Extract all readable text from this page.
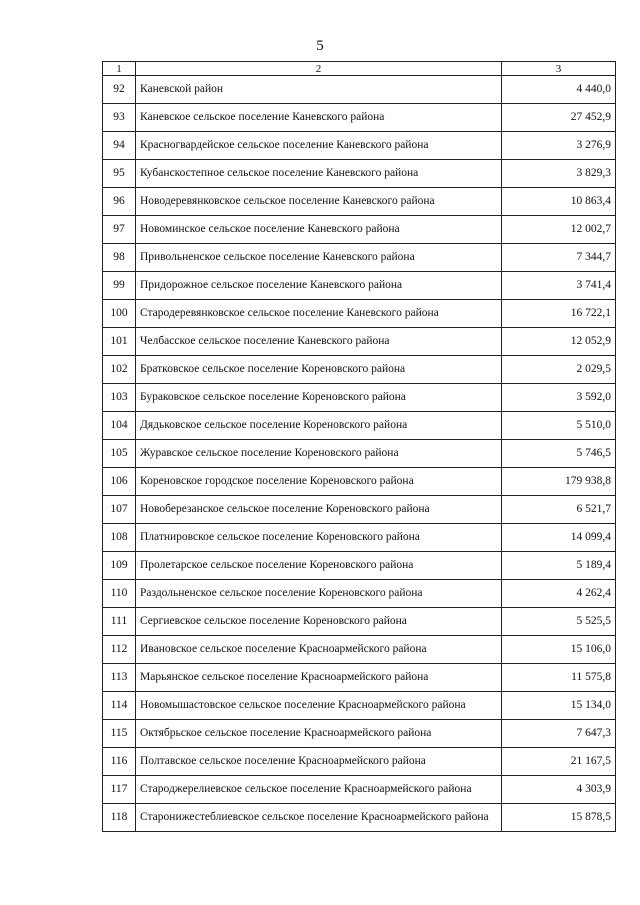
5
1	2	3
92	Каневской район	4 440,0
93	Каневское сельское поселение Каневского района	27 452,9
94	Красногвардейское сельское поселение Каневского района	3 276,9
95	Кубанскостепное сельское поселение Каневского района	3 829,3
96	Новодеревянковское сельское поселение Каневского района	10 863,4
97	Новоминское сельское поселение Каневского района	12 002,7
98	Привольненское сельское поселение Каневского района	7 344,7
99	Придорожное сельское поселение Каневского района	3 741,4
100	Стародеревянковское сельское поселение Каневского района	16 722,1
101	Челбасское сельское поселение Каневского района	12 052,9
102	Братковское сельское поселение Кореновского района	2 029,5
103	Бураковское сельское поселение Кореновского района	3 592,0
104	Дядьковское сельское поселение Кореновского района	5 510,0
105	Журавское сельское поселение Кореновского района	5 746,5
106	Кореновское городское поселение Кореновского района	179 938,8
107	Новоберезанское сельское поселение Кореновского района	6 521,7
108	Платнировское сельское поселение Кореновского района	14 099,4
109	Пролетарское сельское поселение Кореновского района	5 189,4
110	Раздольненское сельское поселение Кореновского района	4 262,4
111	Сергиевское сельское поселение Кореновского района	5 525,5
112	Ивановское сельское поселение Красноармейского района	15 106,0
113	Марьянское сельское поселение Красноармейского района	11 575,8
114	Новомышастовское сельское поселение Красноармейского района	15 134,0
115	Октябрьское сельское поселение Красноармейского района	7 647,3
116	Полтавское сельское поселение Красноармейского района	21 167,5
117	Староджерелиевское сельское поселение Красноармейского района	4 303,9
118	Старонижестеблиевское сельское поселение Красноармейского района	15 878,5
